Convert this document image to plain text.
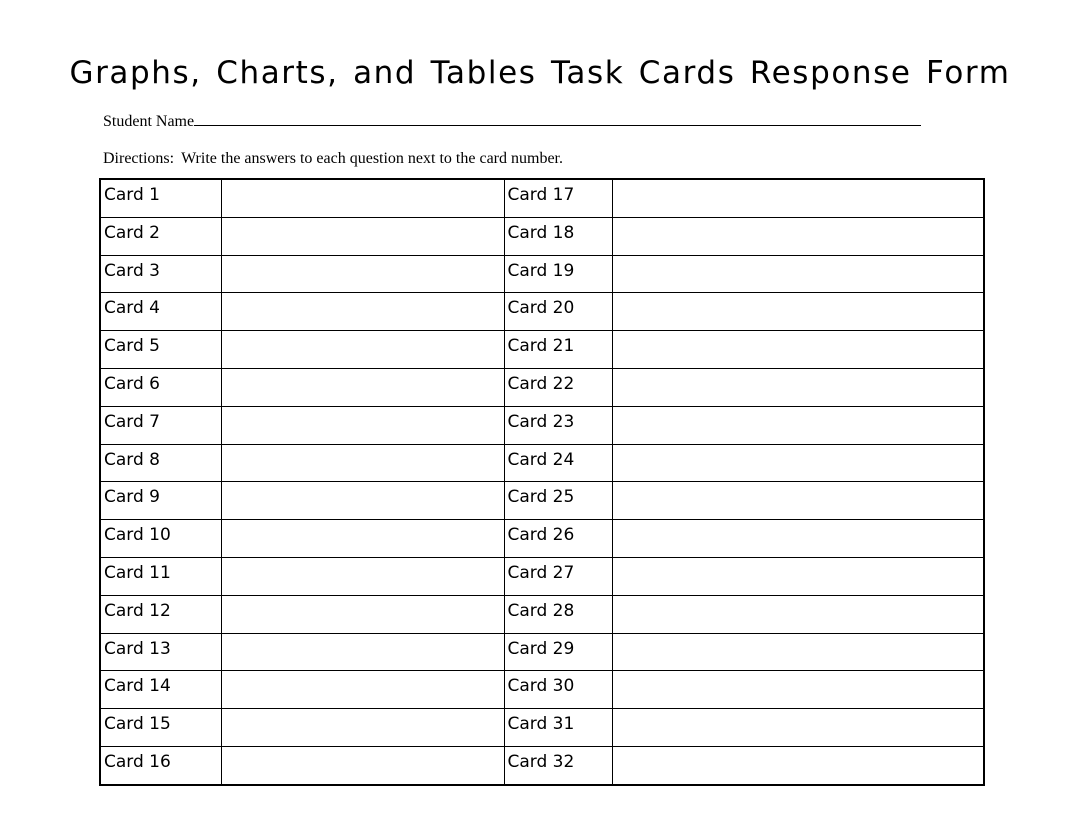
Graphs, Charts, and Tables Task Cards Response Form
Student Name
Directions: Write the answers to each question next to the card number.
Card 1		Card 17	
Card 2		Card 18	
Card 3		Card 19	
Card 4		Card 20	
Card 5		Card 21	
Card 6		Card 22	
Card 7		Card 23	
Card 8		Card 24	
Card 9		Card 25	
Card 10		Card 26	
Card 11		Card 27	
Card 12		Card 28	
Card 13		Card 29	
Card 14		Card 30	
Card 15		Card 31	
Card 16		Card 32	
